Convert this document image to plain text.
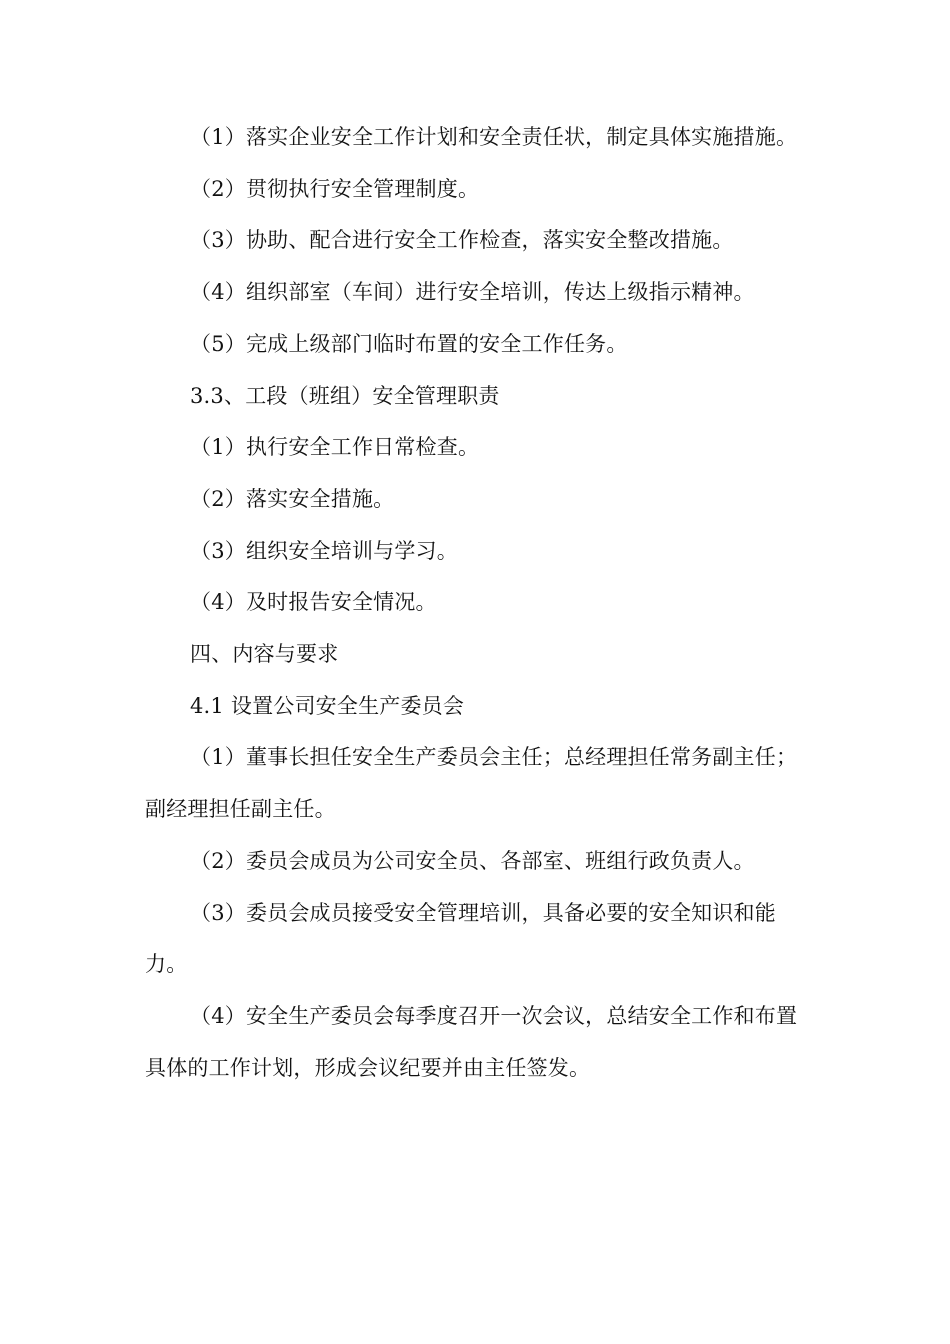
（1）落实企业安全工作计划和安全责任状，制定具体实施措施。

（2）贯彻执行安全管理制度。

（3）协助、配合进行安全工作检查，落实安全整改措施。

（4）组织部室（车间）进行安全培训，传达上级指示精神。

（5）完成上级部门临时布置的安全工作任务。

3.3、工段（班组）安全管理职责

（1）执行安全工作日常检查。

（2）落实安全措施。

（3）组织安全培训与学习。

（4）及时报告安全情况。

四、内容与要求

4.1 设置公司安全生产委员会

（1）董事长担任安全生产委员会主任；总经理担任常务副主任；副经理担任副主任。

（2）委员会成员为公司安全员、各部室、班组行政负责人。

（3）委员会成员接受安全管理培训，具备必要的安全知识和能力。

（4）安全生产委员会每季度召开一次会议，总结安全工作和布置具体的工作计划，形成会议纪要并由主任签发。
